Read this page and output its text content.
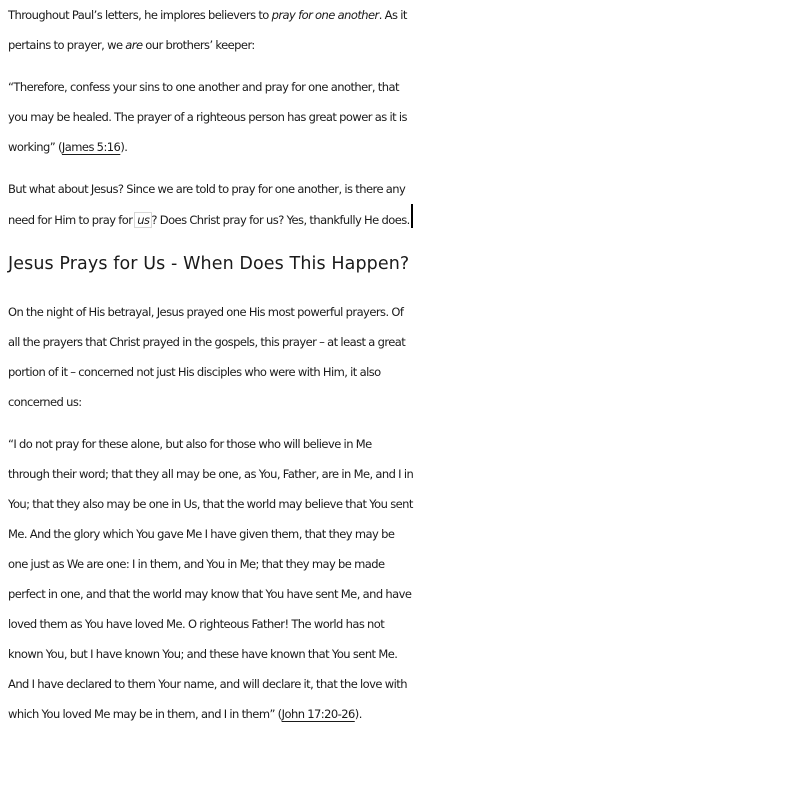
Throughout Paul’s letters, he implores believers to pray for one another. As it
pertains to prayer, we are our brothers’ keeper:

“Therefore, confess your sins to one another and pray for one another, that
you may be healed. The prayer of a righteous person has great power as it is
working” (James 5:16).

But what about Jesus? Since we are told to pray for one another, is there any
need for Him to pray for us ? Does Christ pray for us? Yes, thankfully He does.

Jesus Prays for Us - When Does This Happen?

On the night of His betrayal, Jesus prayed one His most powerful prayers. Of
all the prayers that Christ prayed in the gospels, this prayer – at least a great
portion of it – concerned not just His disciples who were with Him, it also
concerned us:

“I do not pray for these alone, but also for those who will believe in Me
through their word; that they all may be one, as You, Father, are in Me, and I in
You; that they also may be one in Us, that the world may believe that You sent
Me. And the glory which You gave Me I have given them, that they may be
one just as We are one: I in them, and You in Me; that they may be made
perfect in one, and that the world may know that You have sent Me, and have
loved them as You have loved Me. O righteous Father! The world has not
known You, but I have known You; and these have known that You sent Me.
And I have declared to them Your name, and will declare it, that the love with
which You loved Me may be in them, and I in them” (John 17:20-26).
